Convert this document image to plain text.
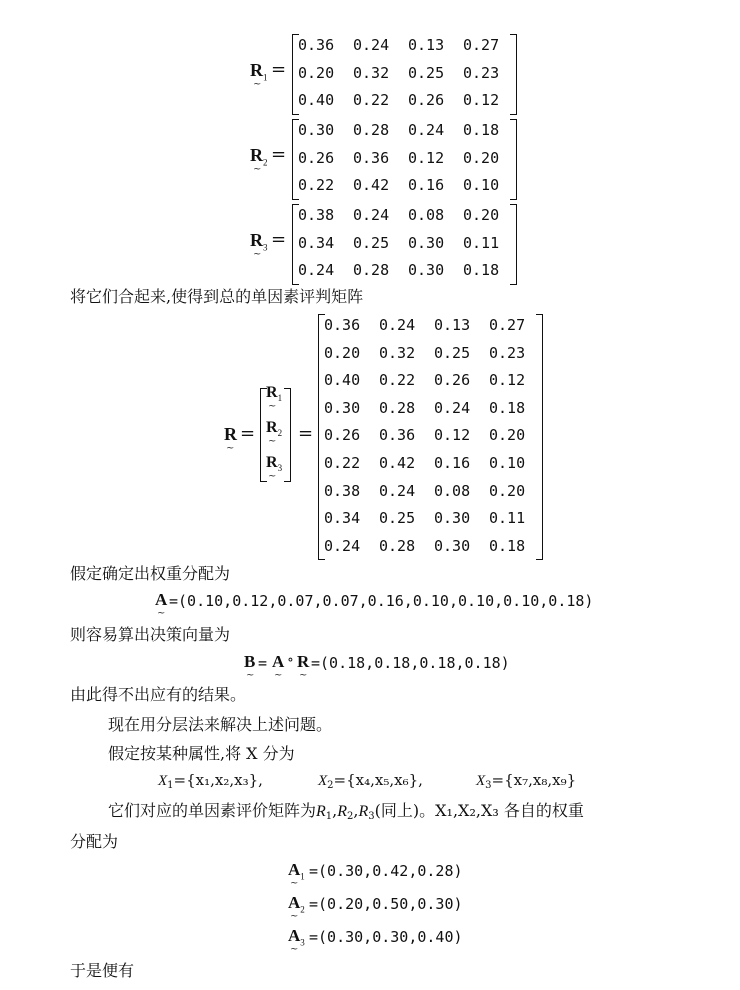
$R_1$
~
=
0.36	0.24	0.13	0.27
0.20	0.32	0.25	0.23
0.40	0.22	0.26	0.12
$R_2$
~
=
0.30	0.28	0.24	0.18
0.26	0.36	0.12	0.20
0.22	0.42	0.16	0.10
$R_3$
~
=
0.38	0.24	0.08	0.20
0.34	0.25	0.30	0.11
0.24	0.28	0.30	0.18
将它们合起来,使得到总的单因素评判矩阵
R
~
=
$R_1$
~
$R_2$
~
$R_3$
~
=
0.36	0.24	0.13	0.27
0.20	0.32	0.25	0.23
0.40	0.22	0.26	0.12
0.30	0.28	0.24	0.18
0.26	0.36	0.12	0.20
0.22	0.42	0.16	0.10
0.38	0.24	0.08	0.20
0.34	0.25	0.30	0.11
0.24	0.28	0.30	0.18
假定确定出权重分配为
A
~
=(0.10,0.12,0.07,0.07,0.16,0.10,0.10,0.10,0.18)
则容易算出决策向量为
B
~
= A
~
∘ R
~
=(0.18,0.18,0.18,0.18)
由此得不出应有的结果。
现在用分层法来解决上述问题。
假定按某种属性,将 X 分为
$X_1=\{x_1,x_2,x_3\}$,	$X_2=\{x_4,x_5,x_6\}$,	$X_3=\{x_7,x_8,x_9\}$
它们对应的单因素评价矩阵为$R_1,R_2,R_3$(同上)。X₁,X₂,X₃ 各自的权重
分配为
$A_1$
~
=(0.30,0.42,0.28)
$A_2$
~
=(0.20,0.50,0.30)
$A_3$
~
=(0.30,0.30,0.40)
于是便有
